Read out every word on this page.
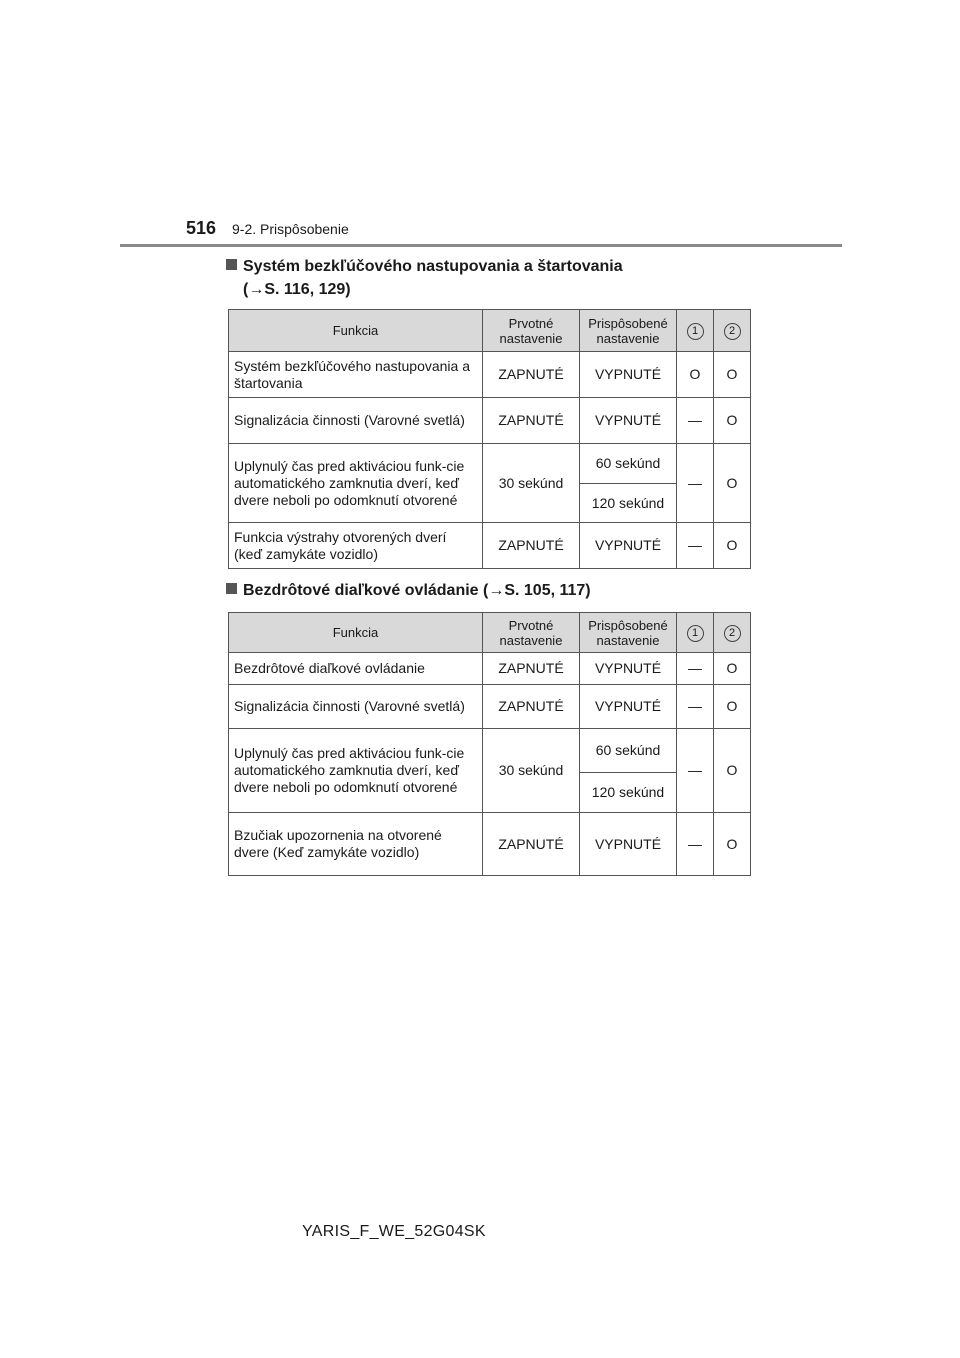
516 9-2. Prispôsobenie
Systém bezkľúčového nastupovania a štartovania
(→S. 116, 129)
Funkcia	Prvotné nastavenie	Prispôsobené nastavenie	1	2
Systém bezkľúčového nastupovania a štartovania	ZAPNUTÉ	VYPNUTÉ	O	O
Signalizácia činnosti (Varovné svetlá)	ZAPNUTÉ	VYPNUTÉ	—	O
Uplynulý čas pred aktiváciou funk-cie automatického zamknutia dverí, keď dvere neboli po odomknutí otvorené	30 sekúnd	60 sekúnd	—	O
		120 sekúnd		
Funkcia výstrahy otvorených dverí (keď zamykáte vozidlo)	ZAPNUTÉ	VYPNUTÉ	—	O
Bezdrôtové diaľkové ovládanie (→S. 105, 117)
Funkcia	Prvotné nastavenie	Prispôsobené nastavenie	1	2
Bezdrôtové diaľkové ovládanie	ZAPNUTÉ	VYPNUTÉ	—	O
Signalizácia činnosti (Varovné svetlá)	ZAPNUTÉ	VYPNUTÉ	—	O
Uplynulý čas pred aktiváciou funk-cie automatického zamknutia dverí, keď dvere neboli po odomknutí otvorené	30 sekúnd	60 sekúnd	—	O
		120 sekúnd		
Bzučiak upozornenia na otvorené dvere (Keď zamykáte vozidlo)	ZAPNUTÉ	VYPNUTÉ	—	O
YARIS_F_WE_52G04SK
